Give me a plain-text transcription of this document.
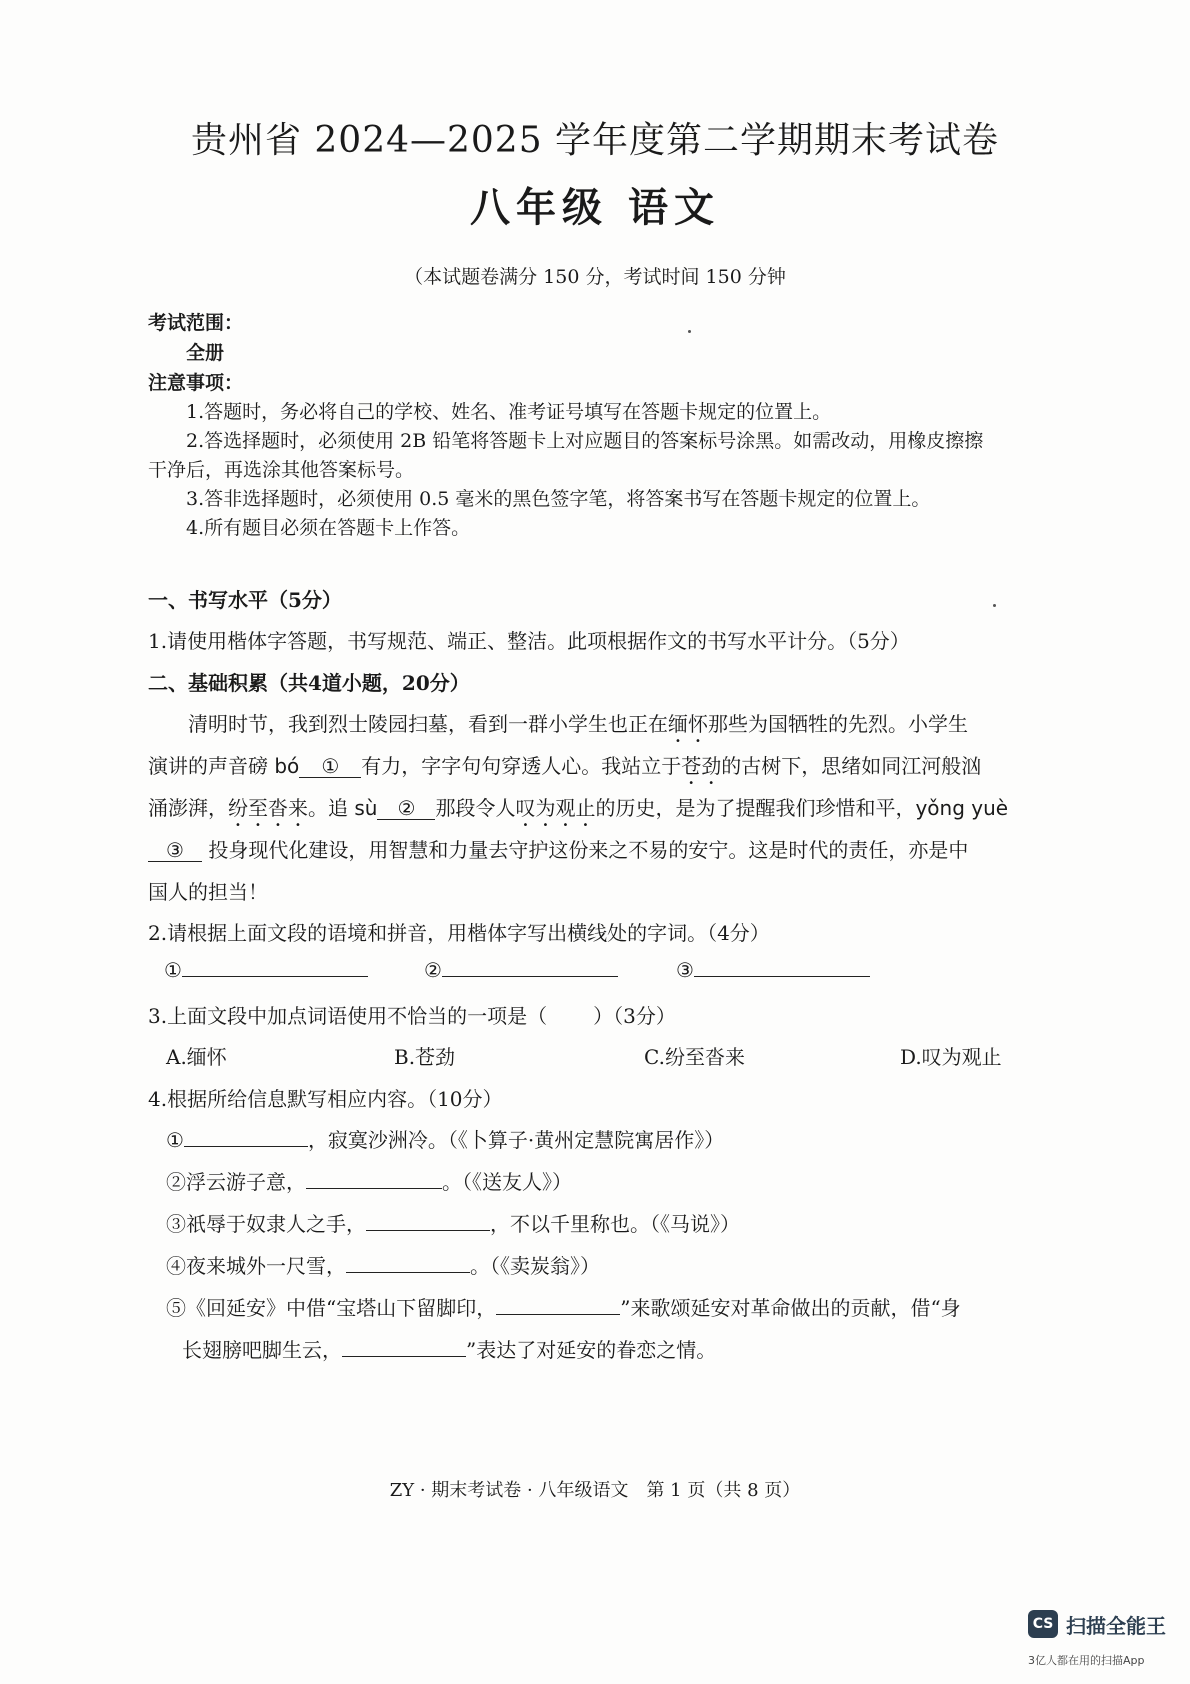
贵州省 2024—2025 学年度第二学期期末考试卷
八年级 语文
（本试题卷满分 150 分，考试时间 150 分钟
考试范围：
全册
注意事项：
1.答题时，务必将自己的学校、姓名、准考证号填写在答题卡规定的位置上。
2.答选择题时，必须使用 2B 铅笔将答题卡上对应题目的答案标号涂黑。如需改动，用橡皮擦擦
干净后，再选涂其他答案标号。
3.答非选择题时，必须使用 0.5 毫米的黑色签字笔，将答案书写在答题卡规定的位置上。
4.所有题目必须在答题卡上作答。
一、书写水平（5分）
1.请使用楷体字答题，书写规范、端正、整洁。此项根据作文的书写水平计分。（5分）
二、基础积累（共4道小题，20分）
清明时节，我到烈士陵园扫墓，看到一群小学生也正在缅怀那些为国牺牲的先烈。小学生
演讲的声音磅 bó ① 有力，字字句句穿透人心。我站立于苍劲的古树下，思绪如同江河般汹
涌澎湃，纷至沓来。追 sù ② 那段令人叹为观止的历史，是为了提醒我们珍惜和平，yǒng yuè
③ 投身现代化建设，用智慧和力量去守护这份来之不易的安宁。这是时代的责任，亦是中
国人的担当！
2.请根据上面文段的语境和拼音，用楷体字写出横线处的字词。（4分）
①	②	③
3.上面文段中加点词语使用不恰当的一项是（ ）（3分）
A.缅怀	B.苍劲	C.纷至沓来	D.叹为观止
4.根据所给信息默写相应内容。（10分）
①	，寂寞沙洲冷。（《卜算子·黄州定慧院寓居作》）
②浮云游子意，	。（《送友人》）
③祇辱于奴隶人之手，	，不以千里称也。（《马说》）
④夜来城外一尺雪，	。（《卖炭翁》）
⑤《回延安》中借“宝塔山下留脚印，	”来歌颂延安对革命做出的贡献，借“身
长翅膀吧脚生云，	”表达了对延安的眷恋之情。
ZY · 期末考试卷 · 八年级语文　第 1 页（共 8 页）
CS 扫描全能王
3亿人都在用的扫描App
